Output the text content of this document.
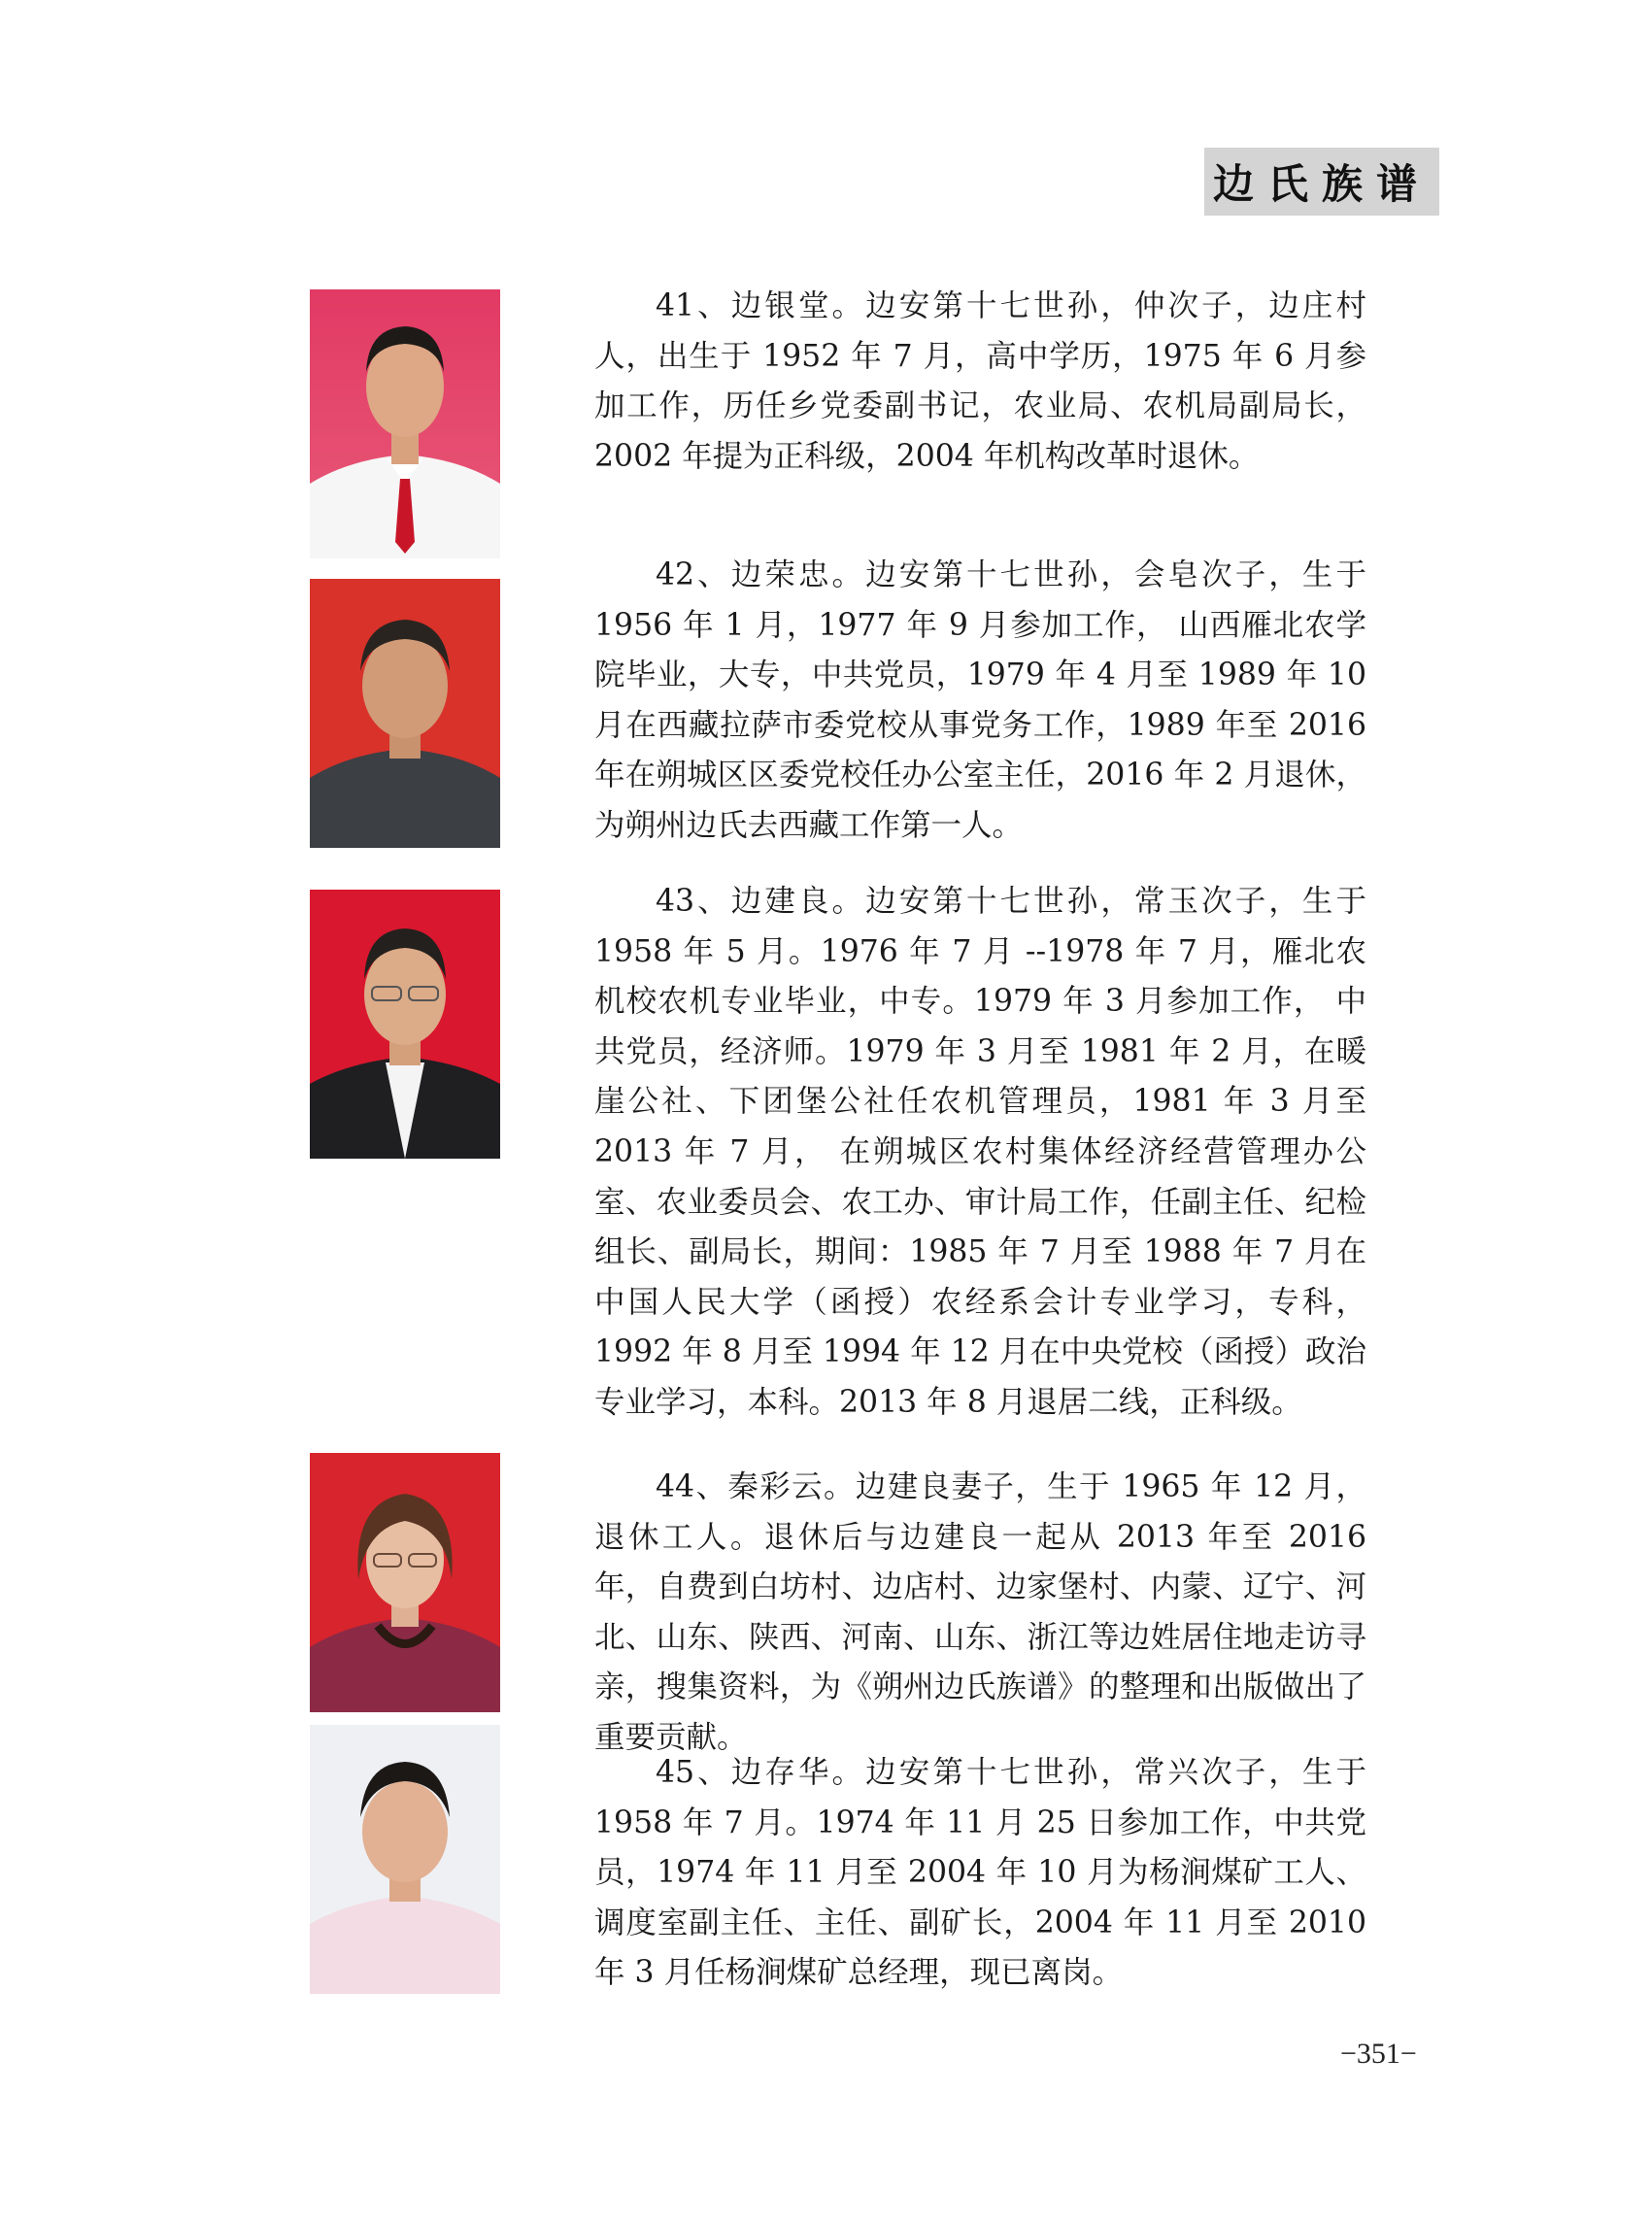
边氏族谱

41、边银堂。边安第十七世孙，仲次子，边庄村人，出生于 1952 年 7 月，高中学历，1975 年 6 月参加工作，历任乡党委副书记，农业局、农机局副局长，2002 年提为正科级，2004 年机构改革时退休。

42、边荣忠。边安第十七世孙，会皂次子，生于 1956 年 1 月，1977 年 9 月参加工作， 山西雁北农学院毕业，大专，中共党员，1979 年 4 月至 1989 年 10 月在西藏拉萨市委党校从事党务工作，1989 年至 2016 年在朔城区区委党校任办公室主任，2016 年 2 月退休，为朔州边氏去西藏工作第一人。

43、边建良。边安第十七世孙，常玉次子，生于 1958 年 5 月。1976 年 7 月 --1978 年 7 月，雁北农机校农机专业毕业，中专。1979 年 3 月参加工作， 中共党员，经济师。1979 年 3 月至 1981 年 2 月，在暖崖公社、下团堡公社任农机管理员，1981 年 3 月至 2013 年 7 月， 在朔城区农村集体经济经营管理办公室、农业委员会、农工办、审计局工作，任副主任、纪检组长、副局长，期间：1985 年 7 月至 1988 年 7 月在中国人民大学（函授）农经系会计专业学习，专科，1992 年 8 月至 1994 年 12 月在中央党校（函授）政治专业学习，本科。2013 年 8 月退居二线，正科级。

44、秦彩云。边建良妻子，生于 1965 年 12 月，退休工人。退休后与边建良一起从 2013 年至 2016 年，自费到白坊村、边店村、边家堡村、内蒙、辽宁、河北、山东、陕西、河南、山东、浙江等边姓居住地走访寻亲，搜集资料，为《朔州边氏族谱》的整理和出版做出了重要贡献。

45、边存华。边安第十七世孙，常兴次子，生于 1958 年 7 月。1974 年 11 月 25 日参加工作，中共党员，1974 年 11 月至 2004 年 10 月为杨涧煤矿工人、调度室副主任、主任、副矿长，2004 年 11 月至 2010 年 3 月任杨涧煤矿总经理，现已离岗。

−351−
